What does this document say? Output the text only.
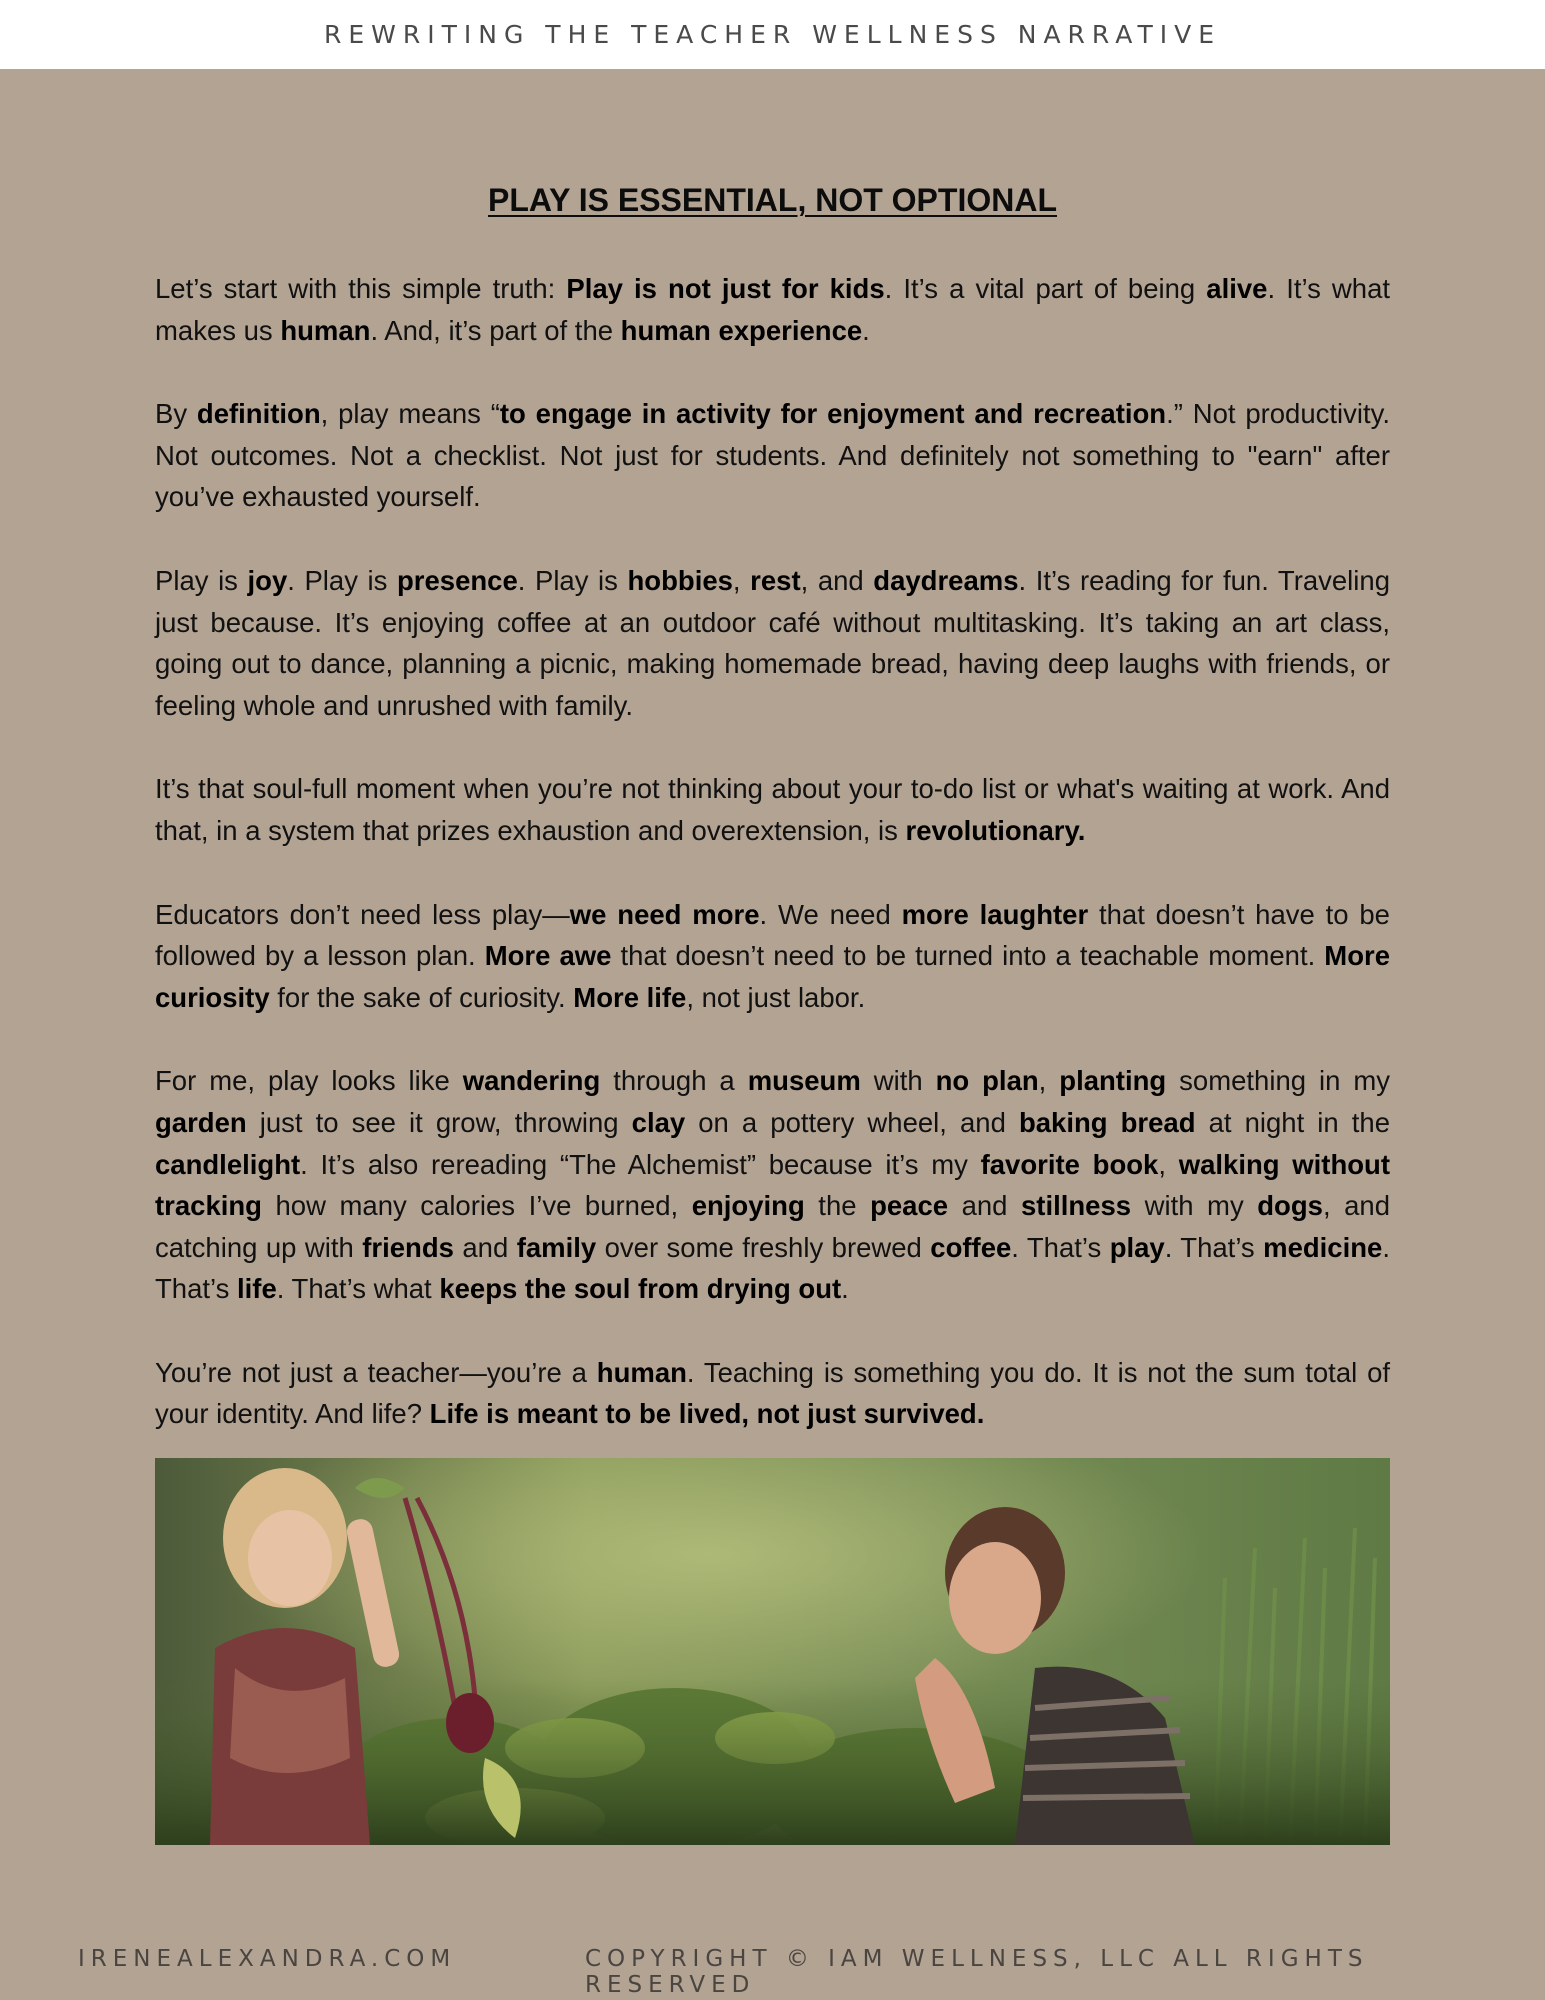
REWRITING THE TEACHER WELLNESS NARRATIVE
PLAY IS ESSENTIAL, NOT OPTIONAL

Let’s start with this simple truth: Play is not just for kids. It’s a vital part of being alive. It’s what makes us human. And, it’s part of the human experience.

By definition, play means “to engage in activity for enjoyment and recreation.” Not productivity. Not outcomes. Not a checklist. Not just for students. And definitely not something to "earn" after you’ve exhausted yourself.

Play is joy. Play is presence. Play is hobbies, rest, and daydreams. It’s reading for fun. Traveling just because. It’s enjoying coffee at an outdoor café without multitasking. It’s taking an art class, going out to dance, planning a picnic, making homemade bread, having deep laughs with friends, or feeling whole and unrushed with family.

It’s that soul-full moment when you’re not thinking about your to-do list or what's waiting at work. And that, in a system that prizes exhaustion and overextension, is revolutionary.

Educators don’t need less play—we need more. We need more laughter that doesn’t have to be followed by a lesson plan. More awe that doesn’t need to be turned into a teachable moment. More curiosity for the sake of curiosity. More life, not just labor.

For me, play looks like wandering through a museum with no plan, planting something in my garden just to see it grow, throwing clay on a pottery wheel, and baking bread at night in the candlelight. It’s also rereading “The Alchemist” because it’s my favorite book, walking without tracking how many calories I’ve burned, enjoying the peace and stillness with my dogs, and catching up with friends and family over some freshly brewed coffee. That’s play. That’s medicine. That’s life. That’s what keeps the soul from drying out.

You’re not just a teacher—you’re a human. Teaching is something you do. It is not the sum total of your identity. And life? Life is meant to be lived, not just survived.

IRENEALEXANDRA.COM	COPYRIGHT © IAM WELLNESS, LLC ALL RIGHTS RESERVED
